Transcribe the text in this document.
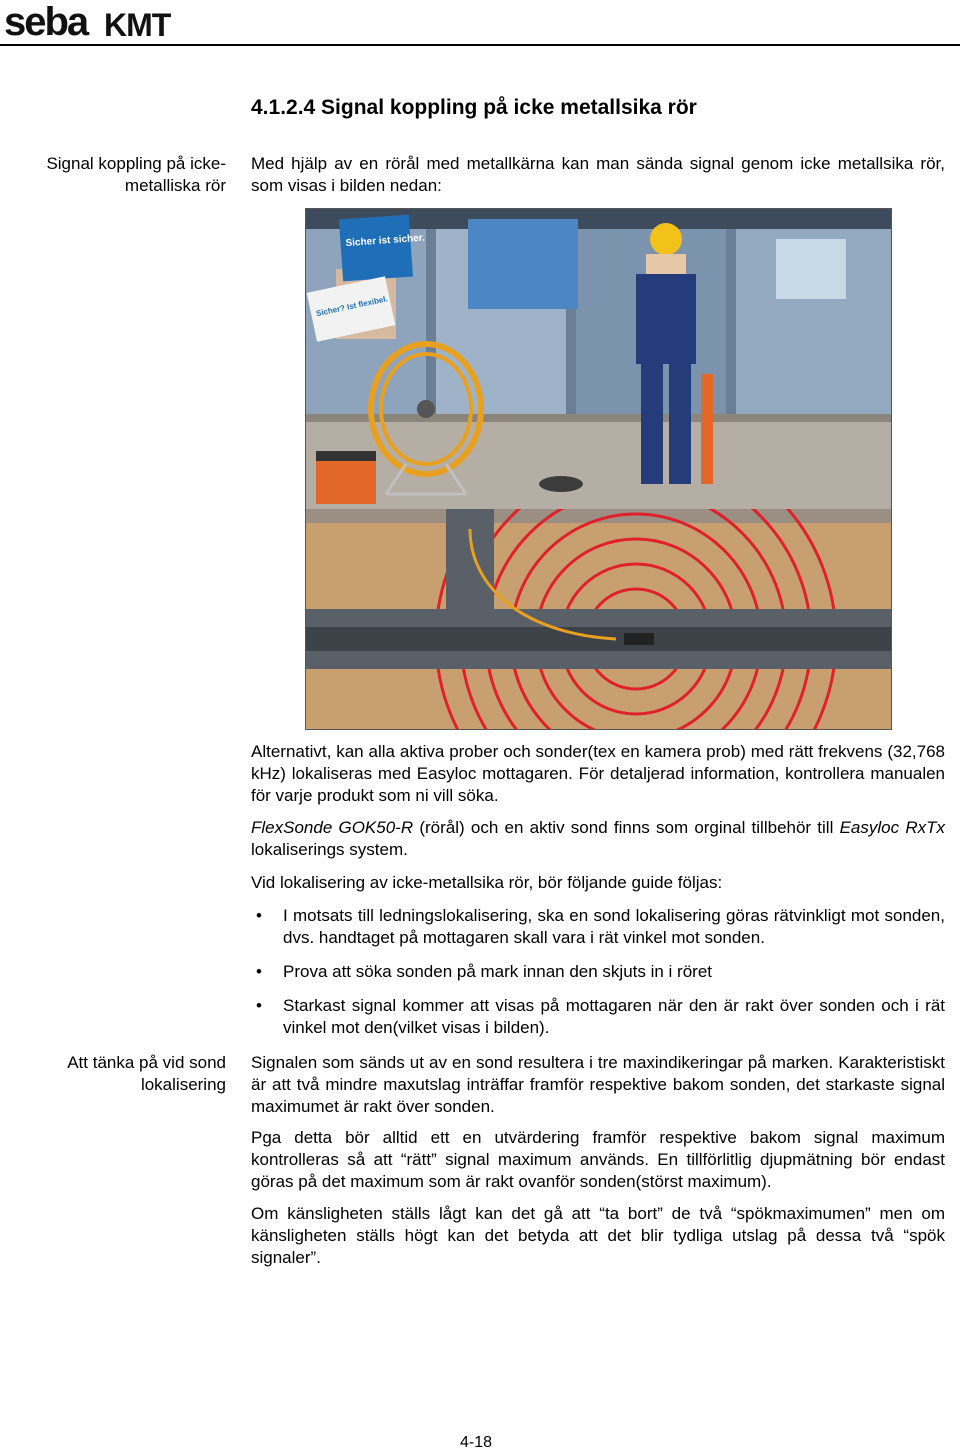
seba KMT
4.1.2.4 Signal koppling på icke metallsika rör
Signal koppling på icke-metalliska rör
Med hjälp av en rörål med metallkärna kan man sända signal genom icke metallsika rör, som visas i bilden nedan:
Sicher ist sicher.
Sicher? Ist flexibel.
Alternativt, kan alla aktiva prober och sonder(tex en kamera prob) med rätt frekvens (32,768 kHz) lokaliseras med Easyloc mottagaren. För detaljerad information, kontrollera manualen för varje produkt som ni vill söka.
FlexSonde GOK50-R (rörål) och en aktiv sond finns som orginal tillbehör till Easyloc RxTx lokaliserings system.
Vid lokalisering av icke-metallsika rör, bör följande guide följas:
• I motsats till ledningslokalisering, ska en sond lokalisering göras rätvinkligt mot sonden, dvs. handtaget på mottagaren skall vara i rät vinkel mot sonden.
• Prova att söka sonden på mark innan den skjuts in i röret
• Starkast signal kommer att visas på mottagaren när den är rakt över sonden och i rät vinkel mot den(vilket visas i bilden).
Att tänka på vid sond lokalisering
Signalen som sänds ut av en sond resultera i tre maxindikeringar på marken. Karakteristiskt är att två mindre maxutslag inträffar framför respektive bakom sonden, det starkaste signal maximumet är rakt över sonden.
Pga detta bör alltid ett en utvärdering framför respektive bakom signal maximum kontrolleras så att “rätt” signal maximum används. En tillförlitlig djupmätning bör endast göras på det maximum som är rakt ovanför sonden(störst maximum).
Om känsligheten ställs lågt kan det gå att “ta bort” de två “spökmaximumen” men om känsligheten ställs högt kan det betyda att det blir tydliga utslag på dessa två “spök signaler”.
4-18
